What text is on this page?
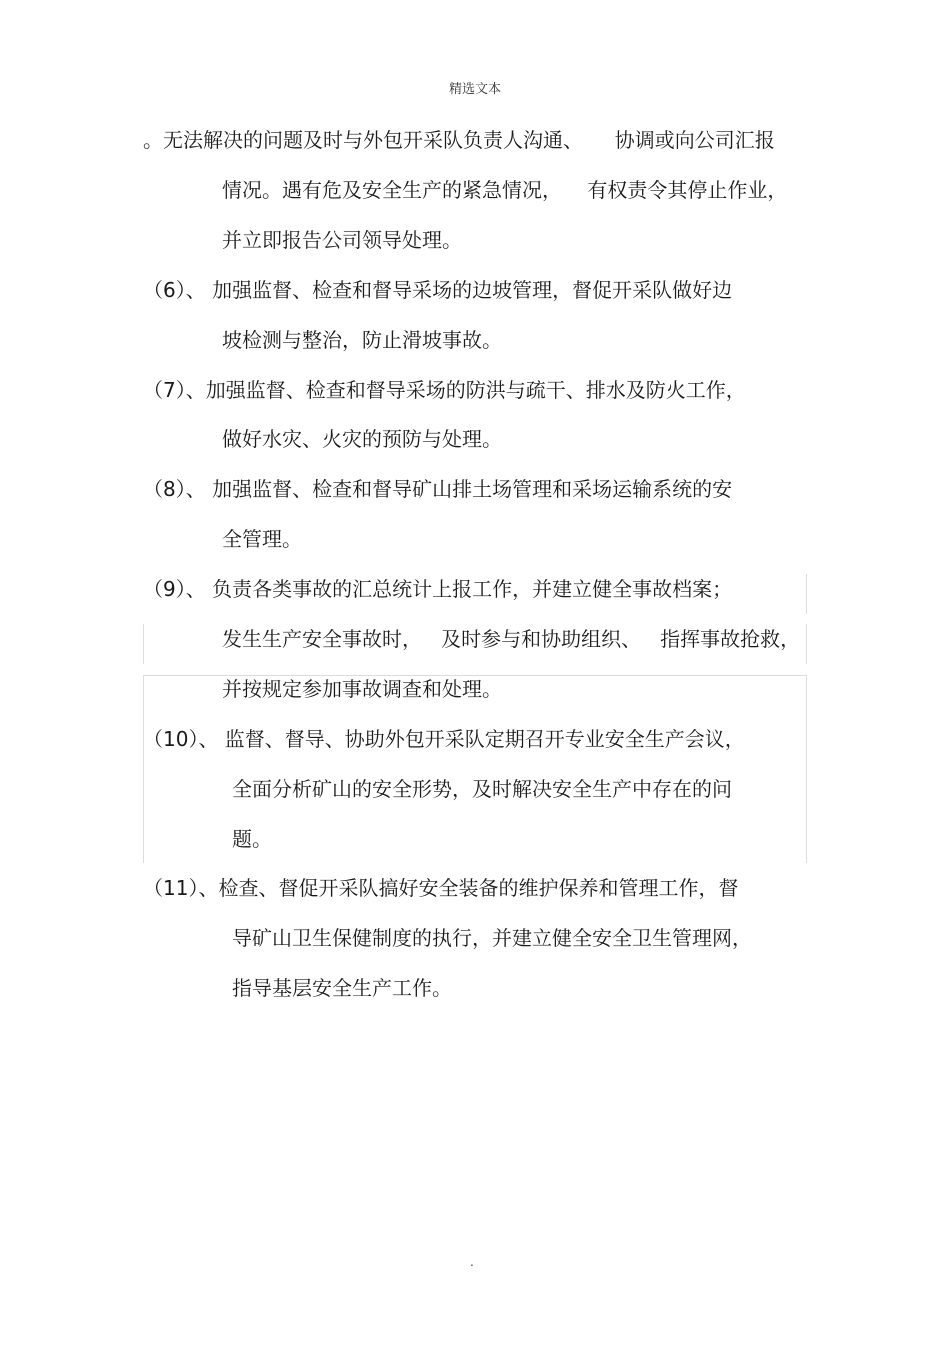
精选文本
。无法解决的问题及时与外包开采队负责人沟通、     协调或向公司汇报
情况。遇有危及安全生产的紧急情况，    有权责令其停止作业，
并立即报告公司领导处理。
（6）、 加强监督、检查和督导采场的边坡管理，督促开采队做好边
坡检测与整治，防止滑坡事故。
（7）、加强监督、检查和督导采场的防洪与疏干、排水及防火工作，
做好水灾、火灾的预防与处理。
（8）、 加强监督、检查和督导矿山排土场管理和采场运输系统的安
全管理。
（9）、 负责各类事故的汇总统计上报工作，并建立健全事故档案；
发生生产安全事故时，   及时参与和协助组织、   指挥事故抢救，
并按规定参加事故调查和处理。
（10）、 监督、督导、协助外包开采队定期召开专业安全生产会议，
全面分析矿山的安全形势，及时解决安全生产中存在的问
题。
（11）、检查、督促开采队搞好安全装备的维护保养和管理工作，督
导矿山卫生保健制度的执行，并建立健全安全卫生管理网，
指导基层安全生产工作。
.
